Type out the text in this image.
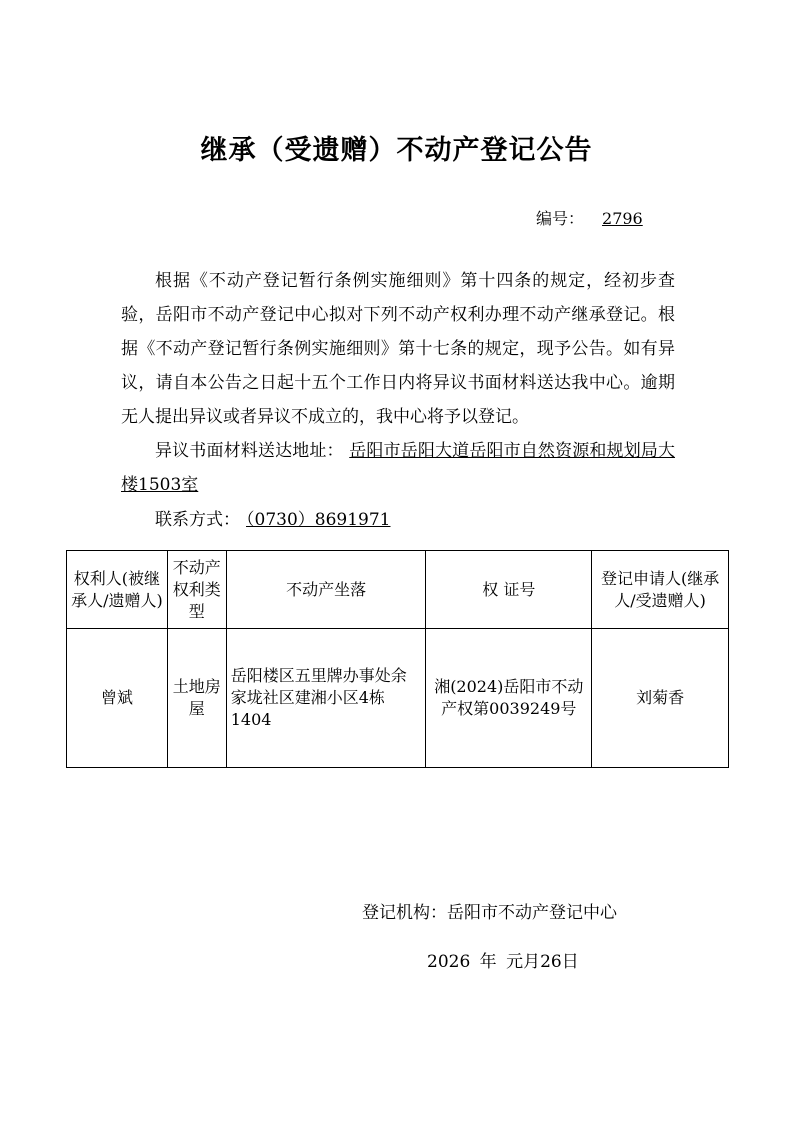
继承（受遗赠）不动产登记公告
编号： 2796

根据《不动产登记暂行条例实施细则》第十四条的规定，经初步查验，岳阳市不动产登记中心拟对下列不动产权利办理不动产继承登记。根据《不动产登记暂行条例实施细则》第十七条的规定，现予公告。如有异议，请自本公告之日起十五个工作日内将异议书面材料送达我中心。逾期无人提出异议或者异议不成立的，我中心将予以登记。

异议书面材料送达地址： 岳阳市岳阳大道岳阳市自然资源和规划局大楼1503室

联系方式： （0730）8691971
权利人(被继承人/遗赠人)	不动产权利类型	不动产坐落	权 证号	登记申请人(继承人/受遗赠人)
曾斌	土地房屋	岳阳楼区五里牌办事处余家垅社区建湘小区4栋1404	湘(2024)岳阳市不动产权第0039249号	刘菊香
登记机构：岳阳市不动产登记中心
2026 年 元月26日
